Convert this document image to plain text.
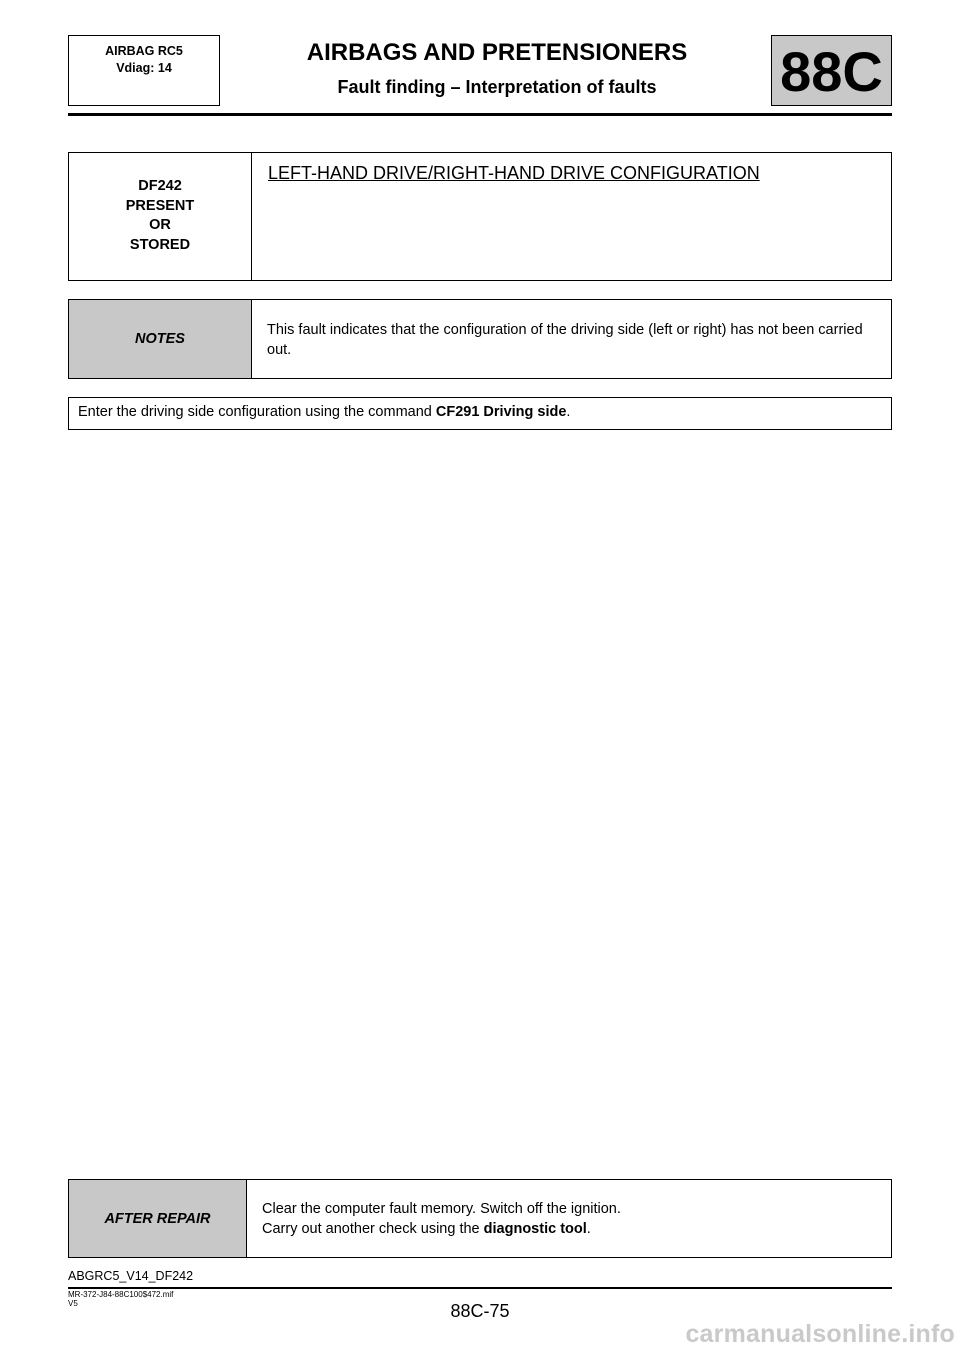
AIRBAG RC5
Vdiag: 14
AIRBAGS AND PRETENSIONERS
Fault finding – Interpretation of faults	88C
DF242
PRESENT
OR
STORED
LEFT-HAND DRIVE/RIGHT-HAND DRIVE CONFIGURATION
NOTES
This fault indicates that the configuration of the driving side (left or right) has not been carried out.
Enter the driving side configuration using the command CF291 Driving side.
AFTER REPAIR
Clear the computer fault memory. Switch off the ignition.
Carry out another check using the diagnostic tool.
ABGRC5_V14_DF242
MR-372-J84-88C100$472.mif
V5	88C-75
carmanualsonline.info
